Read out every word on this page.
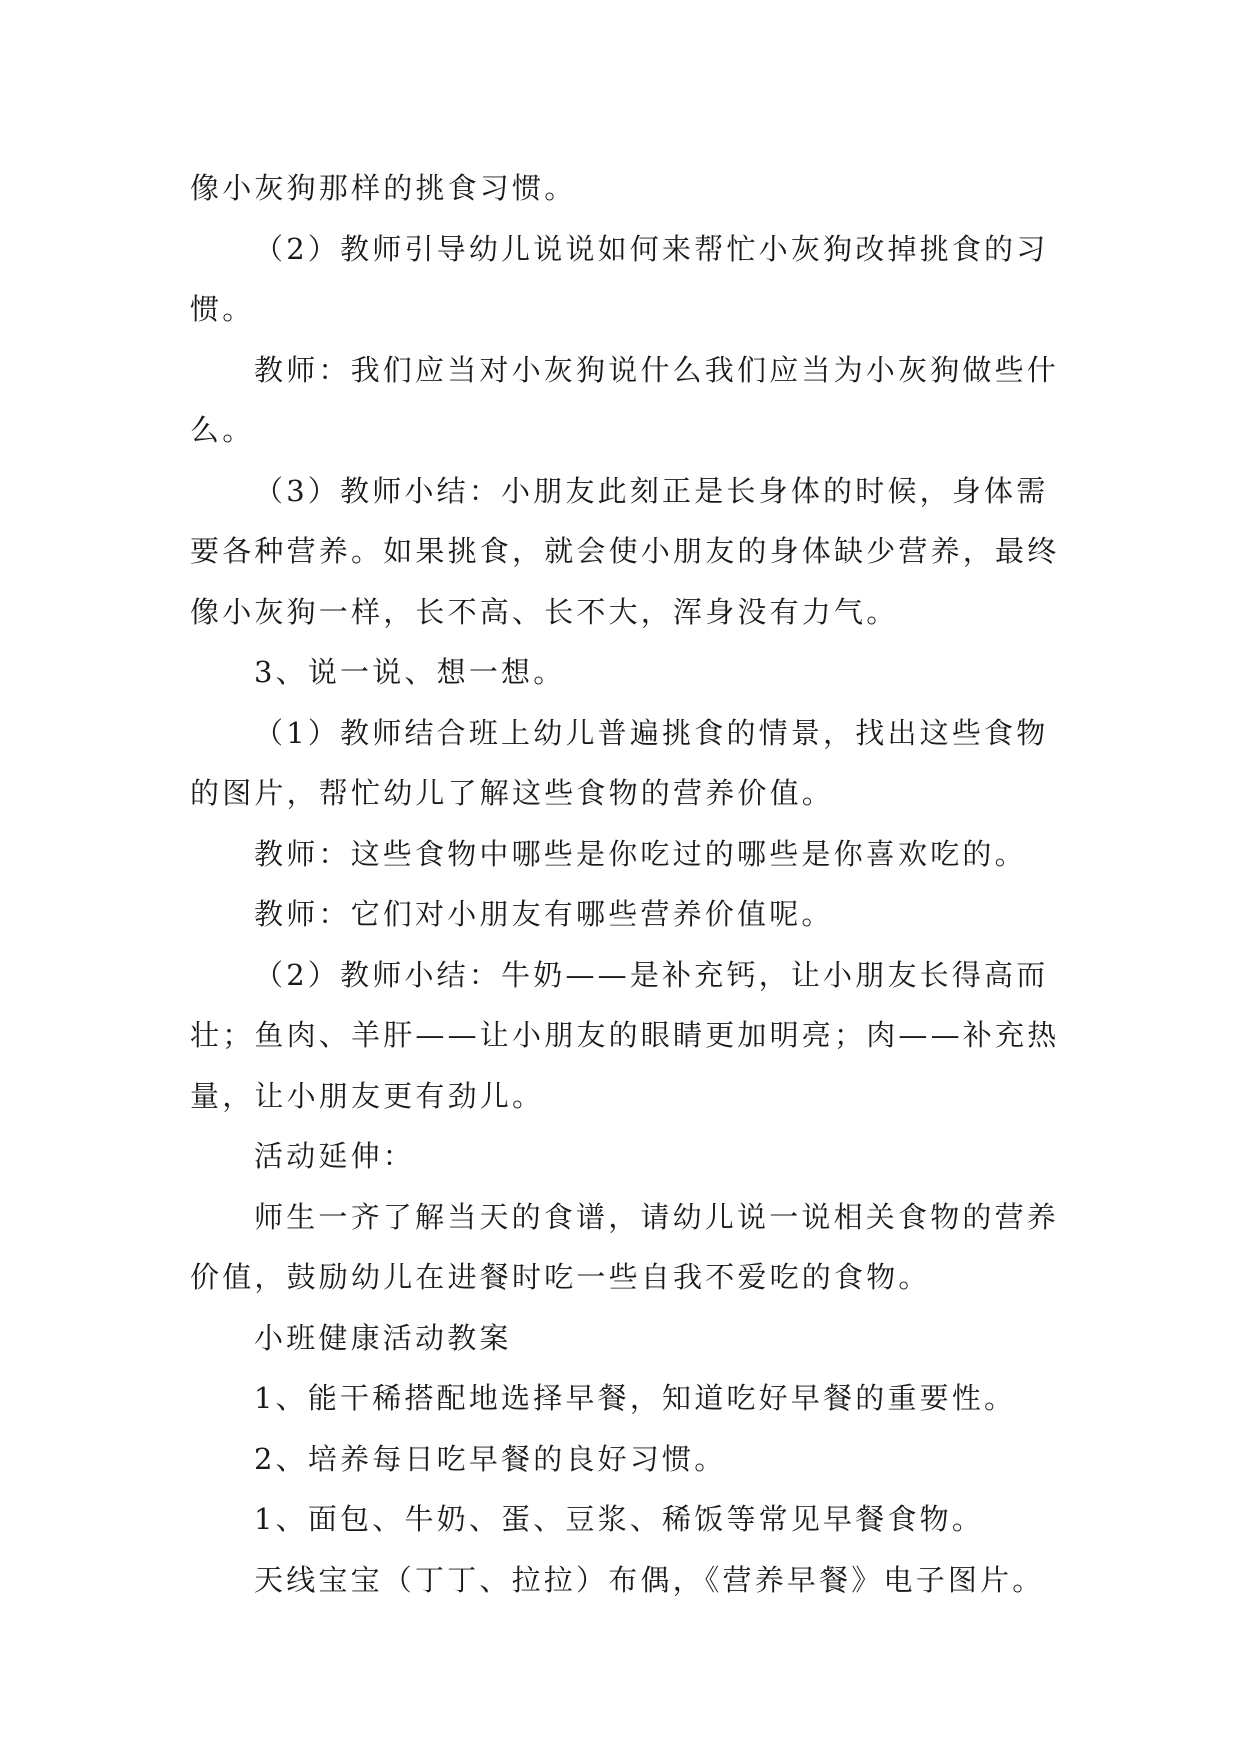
像小灰狗那样的挑食习惯。

（2）教师引导幼儿说说如何来帮忙小灰狗改掉挑食的习惯。

教师：我们应当对小灰狗说什么我们应当为小灰狗做些什么。

（3）教师小结：小朋友此刻正是长身体的时候，身体需要各种营养。如果挑食，就会使小朋友的身体缺少营养，最终像小灰狗一样，长不高、长不大，浑身没有力气。

3、说一说、想一想。

（1）教师结合班上幼儿普遍挑食的情景，找出这些食物的图片，帮忙幼儿了解这些食物的营养价值。

教师：这些食物中哪些是你吃过的哪些是你喜欢吃的。

教师：它们对小朋友有哪些营养价值呢。

（2）教师小结：牛奶——是补充钙，让小朋友长得高而壮；鱼肉、羊肝——让小朋友的眼睛更加明亮；肉——补充热量，让小朋友更有劲儿。

活动延伸：

师生一齐了解当天的食谱，请幼儿说一说相关食物的营养价值，鼓励幼儿在进餐时吃一些自我不爱吃的食物。

小班健康活动教案

1、能干稀搭配地选择早餐，知道吃好早餐的重要性。

2、培养每日吃早餐的良好习惯。

1、面包、牛奶、蛋、豆浆、稀饭等常见早餐食物。

天线宝宝（丁丁、拉拉）布偶，《营养早餐》电子图片。
